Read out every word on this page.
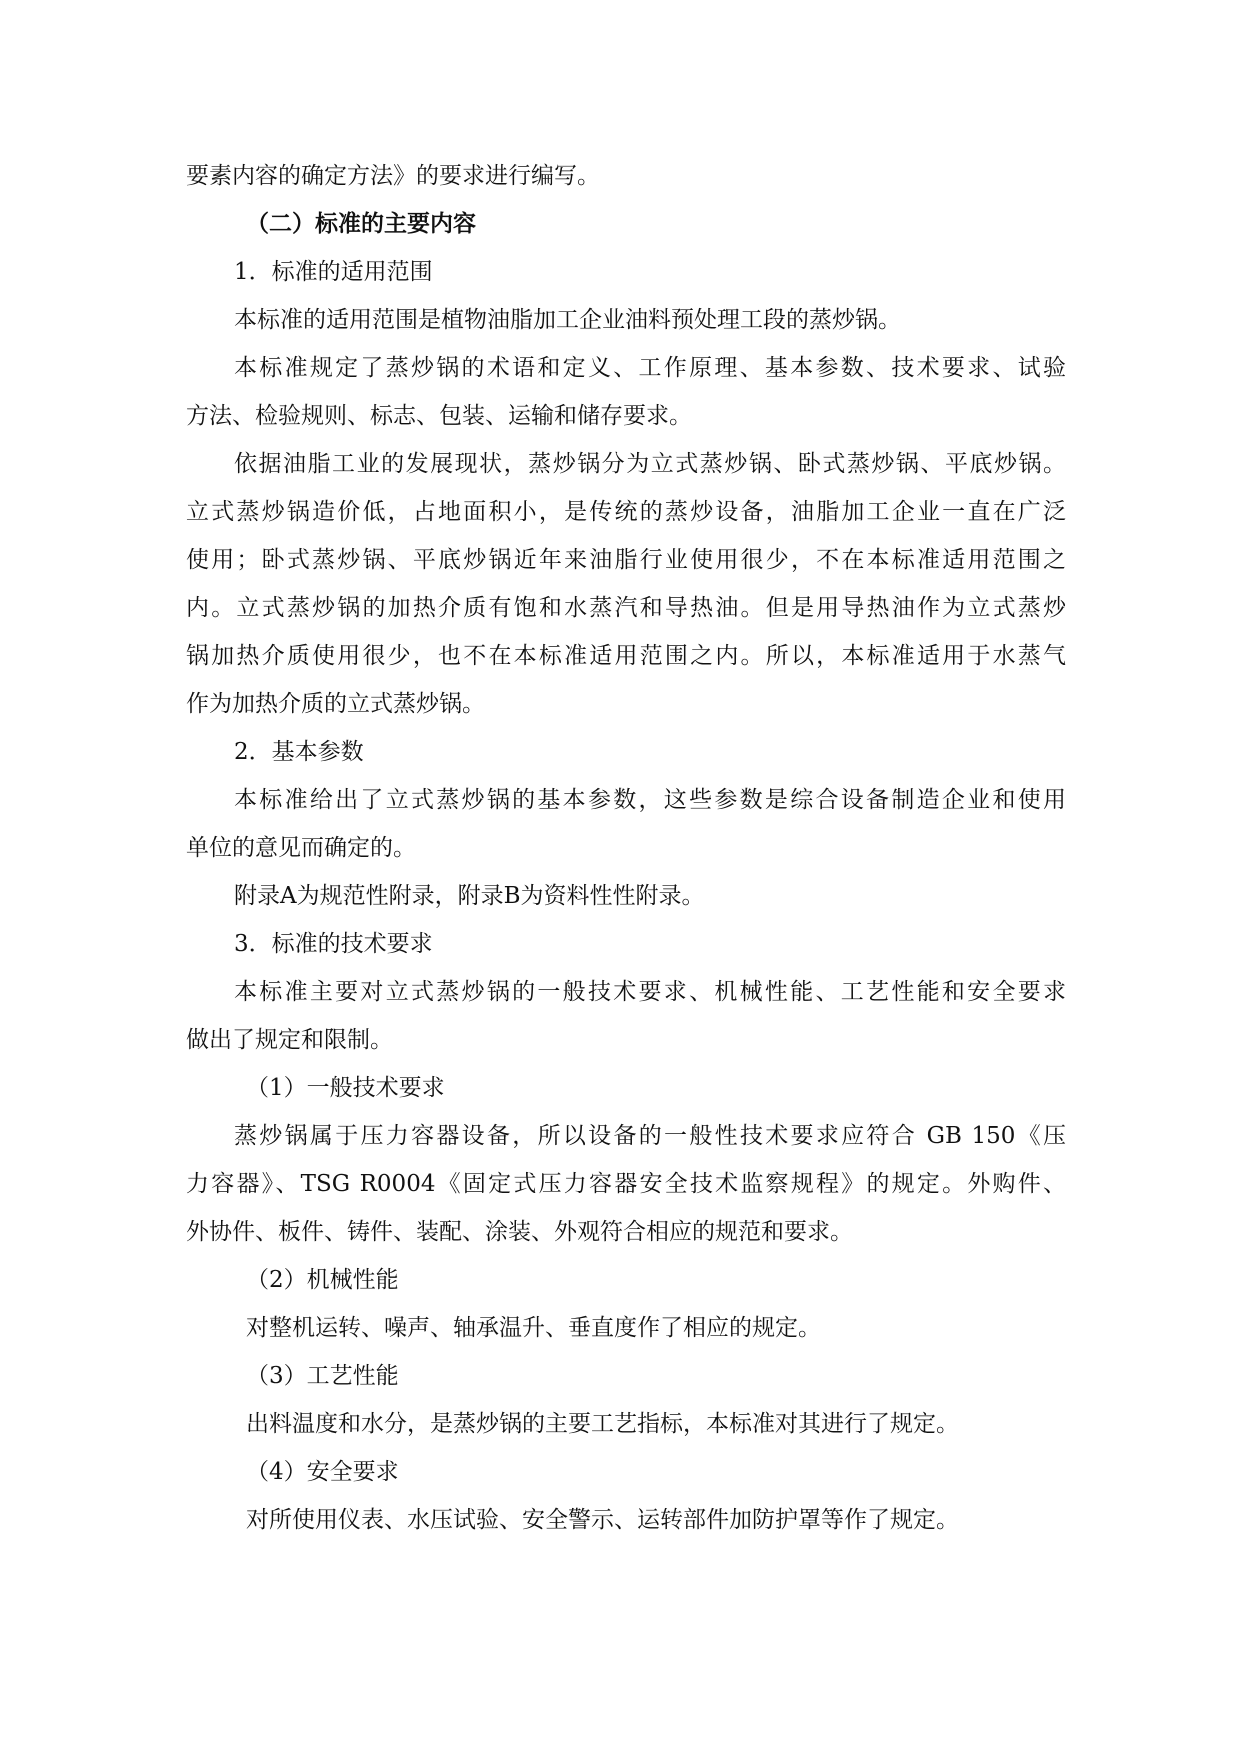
要素内容的确定方法》的要求进行编写。

（二）标准的主要内容

1．标准的适用范围

本标准的适用范围是植物油脂加工企业油料预处理工段的蒸炒锅。

本标准规定了蒸炒锅的术语和定义、工作原理、基本参数、技术要求、试验

方法、检验规则、标志、包装、运输和储存要求。

依据油脂工业的发展现状，蒸炒锅分为立式蒸炒锅、卧式蒸炒锅、平底炒锅。

立式蒸炒锅造价低，占地面积小，是传统的蒸炒设备，油脂加工企业一直在广泛

使用；卧式蒸炒锅、平底炒锅近年来油脂行业使用很少，不在本标准适用范围之

内。立式蒸炒锅的加热介质有饱和水蒸汽和导热油。但是用导热油作为立式蒸炒

锅加热介质使用很少，也不在本标准适用范围之内。所以，本标准适用于水蒸气

作为加热介质的立式蒸炒锅。

2．基本参数

本标准给出了立式蒸炒锅的基本参数，这些参数是综合设备制造企业和使用

单位的意见而确定的。

附录A为规范性附录，附录B为资料性性附录。

3．标准的技术要求

本标准主要对立式蒸炒锅的一般技术要求、机械性能、工艺性能和安全要求

做出了规定和限制。

（1）一般技术要求

蒸炒锅属于压力容器设备，所以设备的一般性技术要求应符合 GB 150《压

力容器》、TSG R0004《固定式压力容器安全技术监察规程》的规定。外购件、

外协件、板件、铸件、装配、涂装、外观符合相应的规范和要求。

（2）机械性能

对整机运转、噪声、轴承温升、垂直度作了相应的规定。

（3）工艺性能

出料温度和水分，是蒸炒锅的主要工艺指标，本标准对其进行了规定。

（4）安全要求

对所使用仪表、水压试验、安全警示、运转部件加防护罩等作了规定。
